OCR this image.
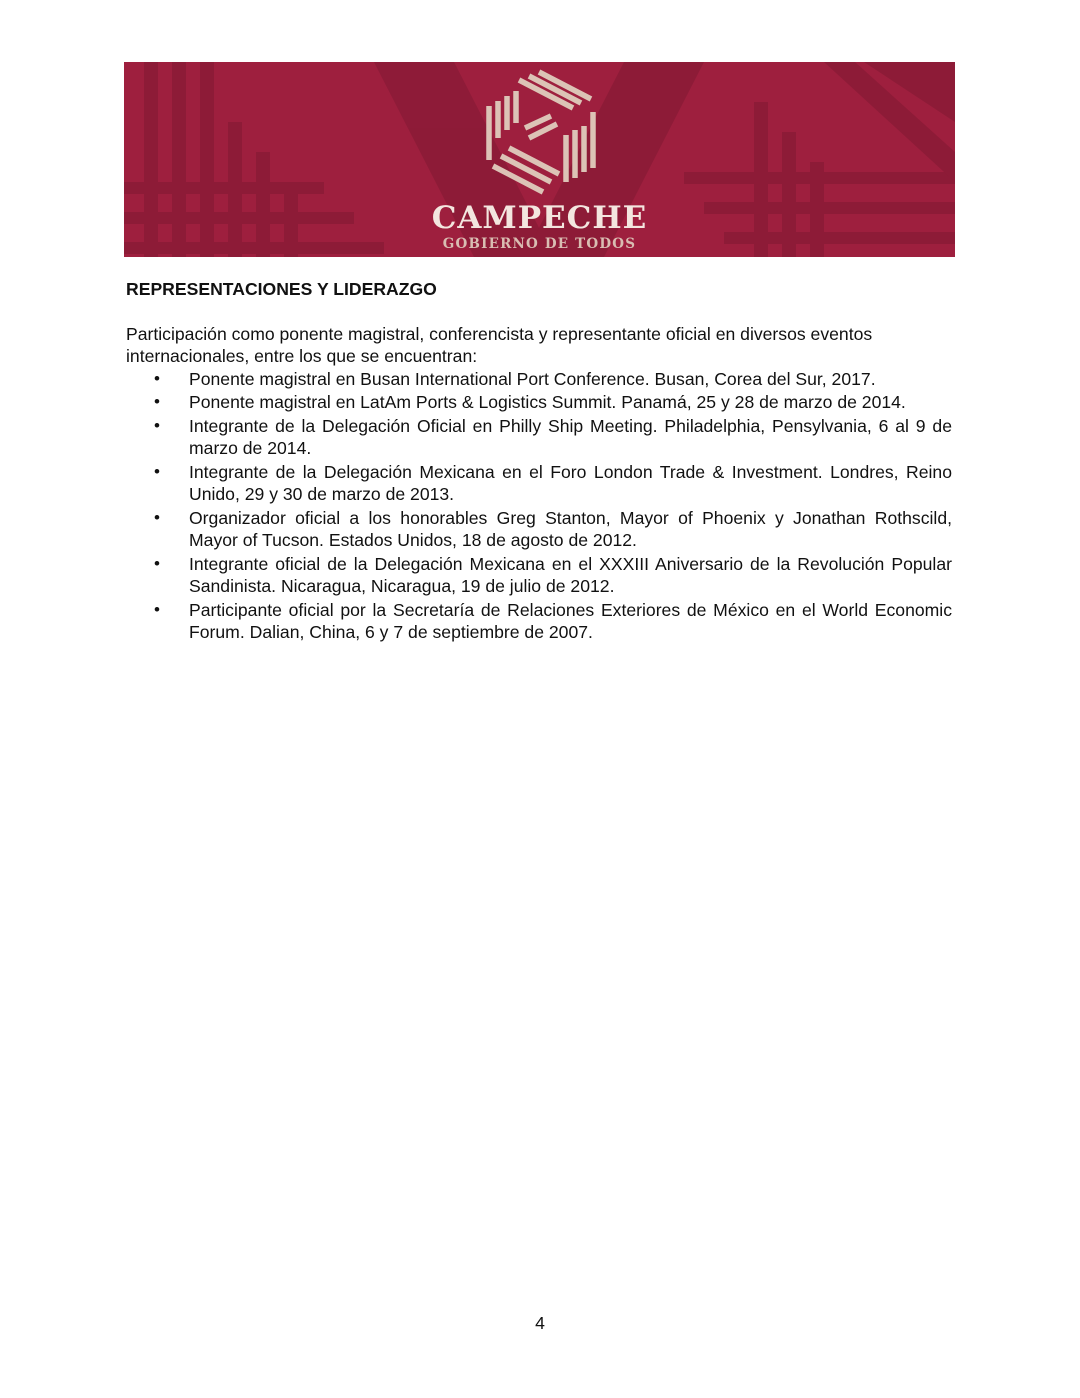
CAMPECHE
GOBIERNO DE TODOS
REPRESENTACIONES Y LIDERAZGO
Participación como ponente magistral, conferencista y representante oficial en diversos eventos internacionales, entre los que se encuentran:
• Ponente magistral en Busan International Port Conference. Busan, Corea del Sur, 2017.
• Ponente magistral en LatAm Ports & Logistics Summit. Panamá, 25 y 28 de marzo de 2014.
• Integrante de la Delegación Oficial en Philly Ship Meeting. Philadelphia, Pensylvania, 6 al 9 de marzo de 2014.
• Integrante de la Delegación Mexicana en el Foro London Trade & Investment. Londres, Reino Unido, 29 y 30 de marzo de 2013.
• Organizador oficial a los honorables Greg Stanton, Mayor of Phoenix y Jonathan Rothscild, Mayor of Tucson. Estados Unidos, 18 de agosto de 2012.
• Integrante oficial de la Delegación Mexicana en el XXXIII Aniversario de la Revolución Popular Sandinista. Nicaragua, Nicaragua, 19 de julio de 2012.
• Participante oficial por la Secretaría de Relaciones Exteriores de México en el World Economic Forum. Dalian, China, 6 y 7 de septiembre de 2007.
4
